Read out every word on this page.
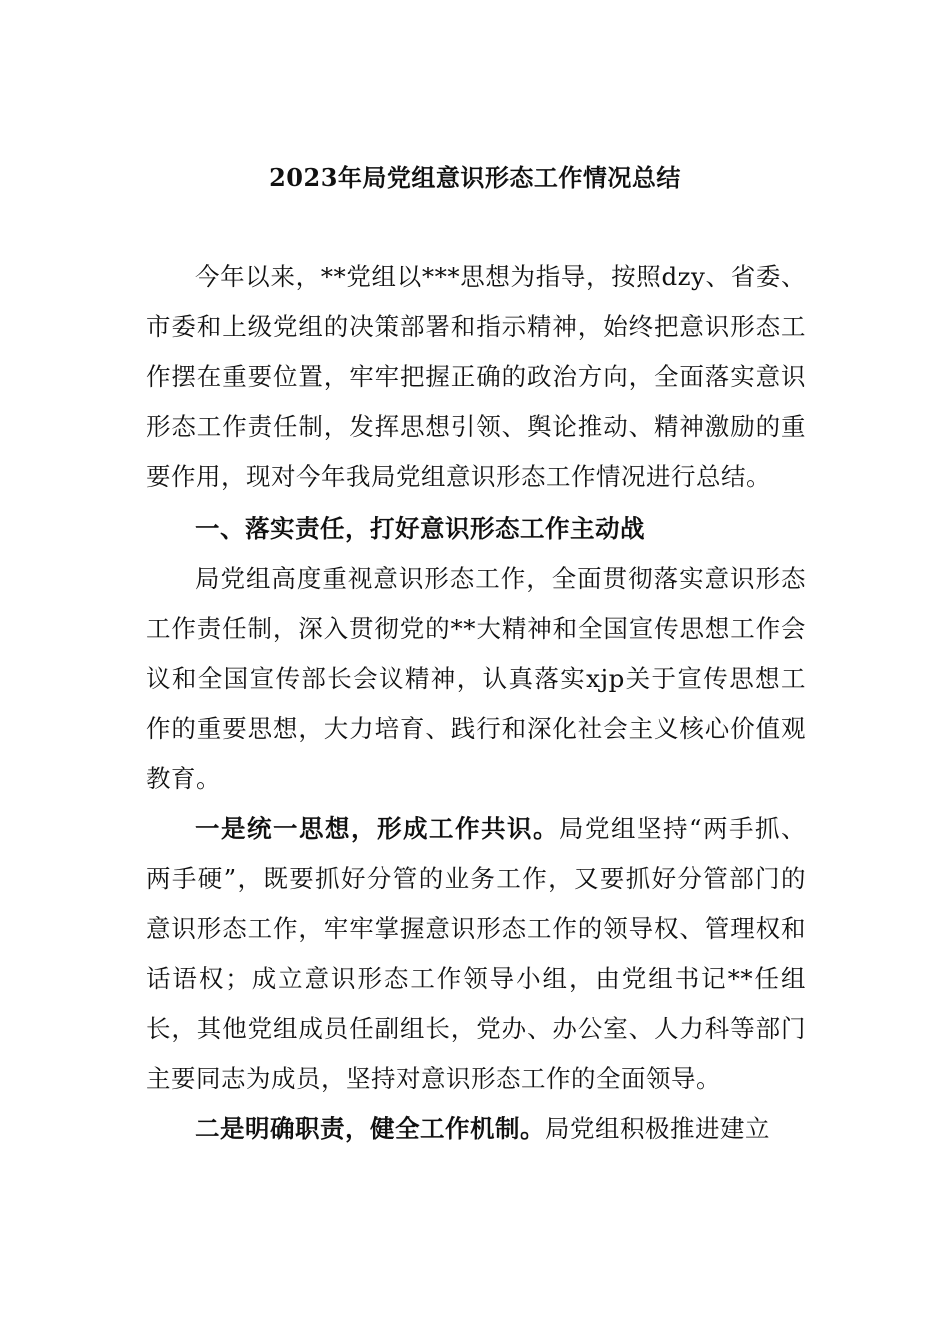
2023年局党组意识形态工作情况总结

今年以来，**党组以***思想为指导，按照dzy、省委、市委和上级党组的决策部署和指示精神，始终把意识形态工作摆在重要位置，牢牢把握正确的政治方向，全面落实意识形态工作责任制，发挥思想引领、舆论推动、精神激励的重要作用，现对今年我局党组意识形态工作情况进行总结。

一、落实责任，打好意识形态工作主动战

局党组高度重视意识形态工作，全面贯彻落实意识形态工作责任制，深入贯彻党的**大精神和全国宣传思想工作会议和全国宣传部长会议精神，认真落实xjp关于宣传思想工作的重要思想，大力培育、践行和深化社会主义核心价值观教育。

一是统一思想，形成工作共识。局党组坚持“两手抓、两手硬”，既要抓好分管的业务工作，又要抓好分管部门的意识形态工作，牢牢掌握意识形态工作的领导权、管理权和话语权；成立意识形态工作领导小组，由党组书记**任组长，其他党组成员任副组长，党办、办公室、人力科等部门主要同志为成员，坚持对意识形态工作的全面领导。

二是明确职责，健全工作机制。局党组积极推进建立
